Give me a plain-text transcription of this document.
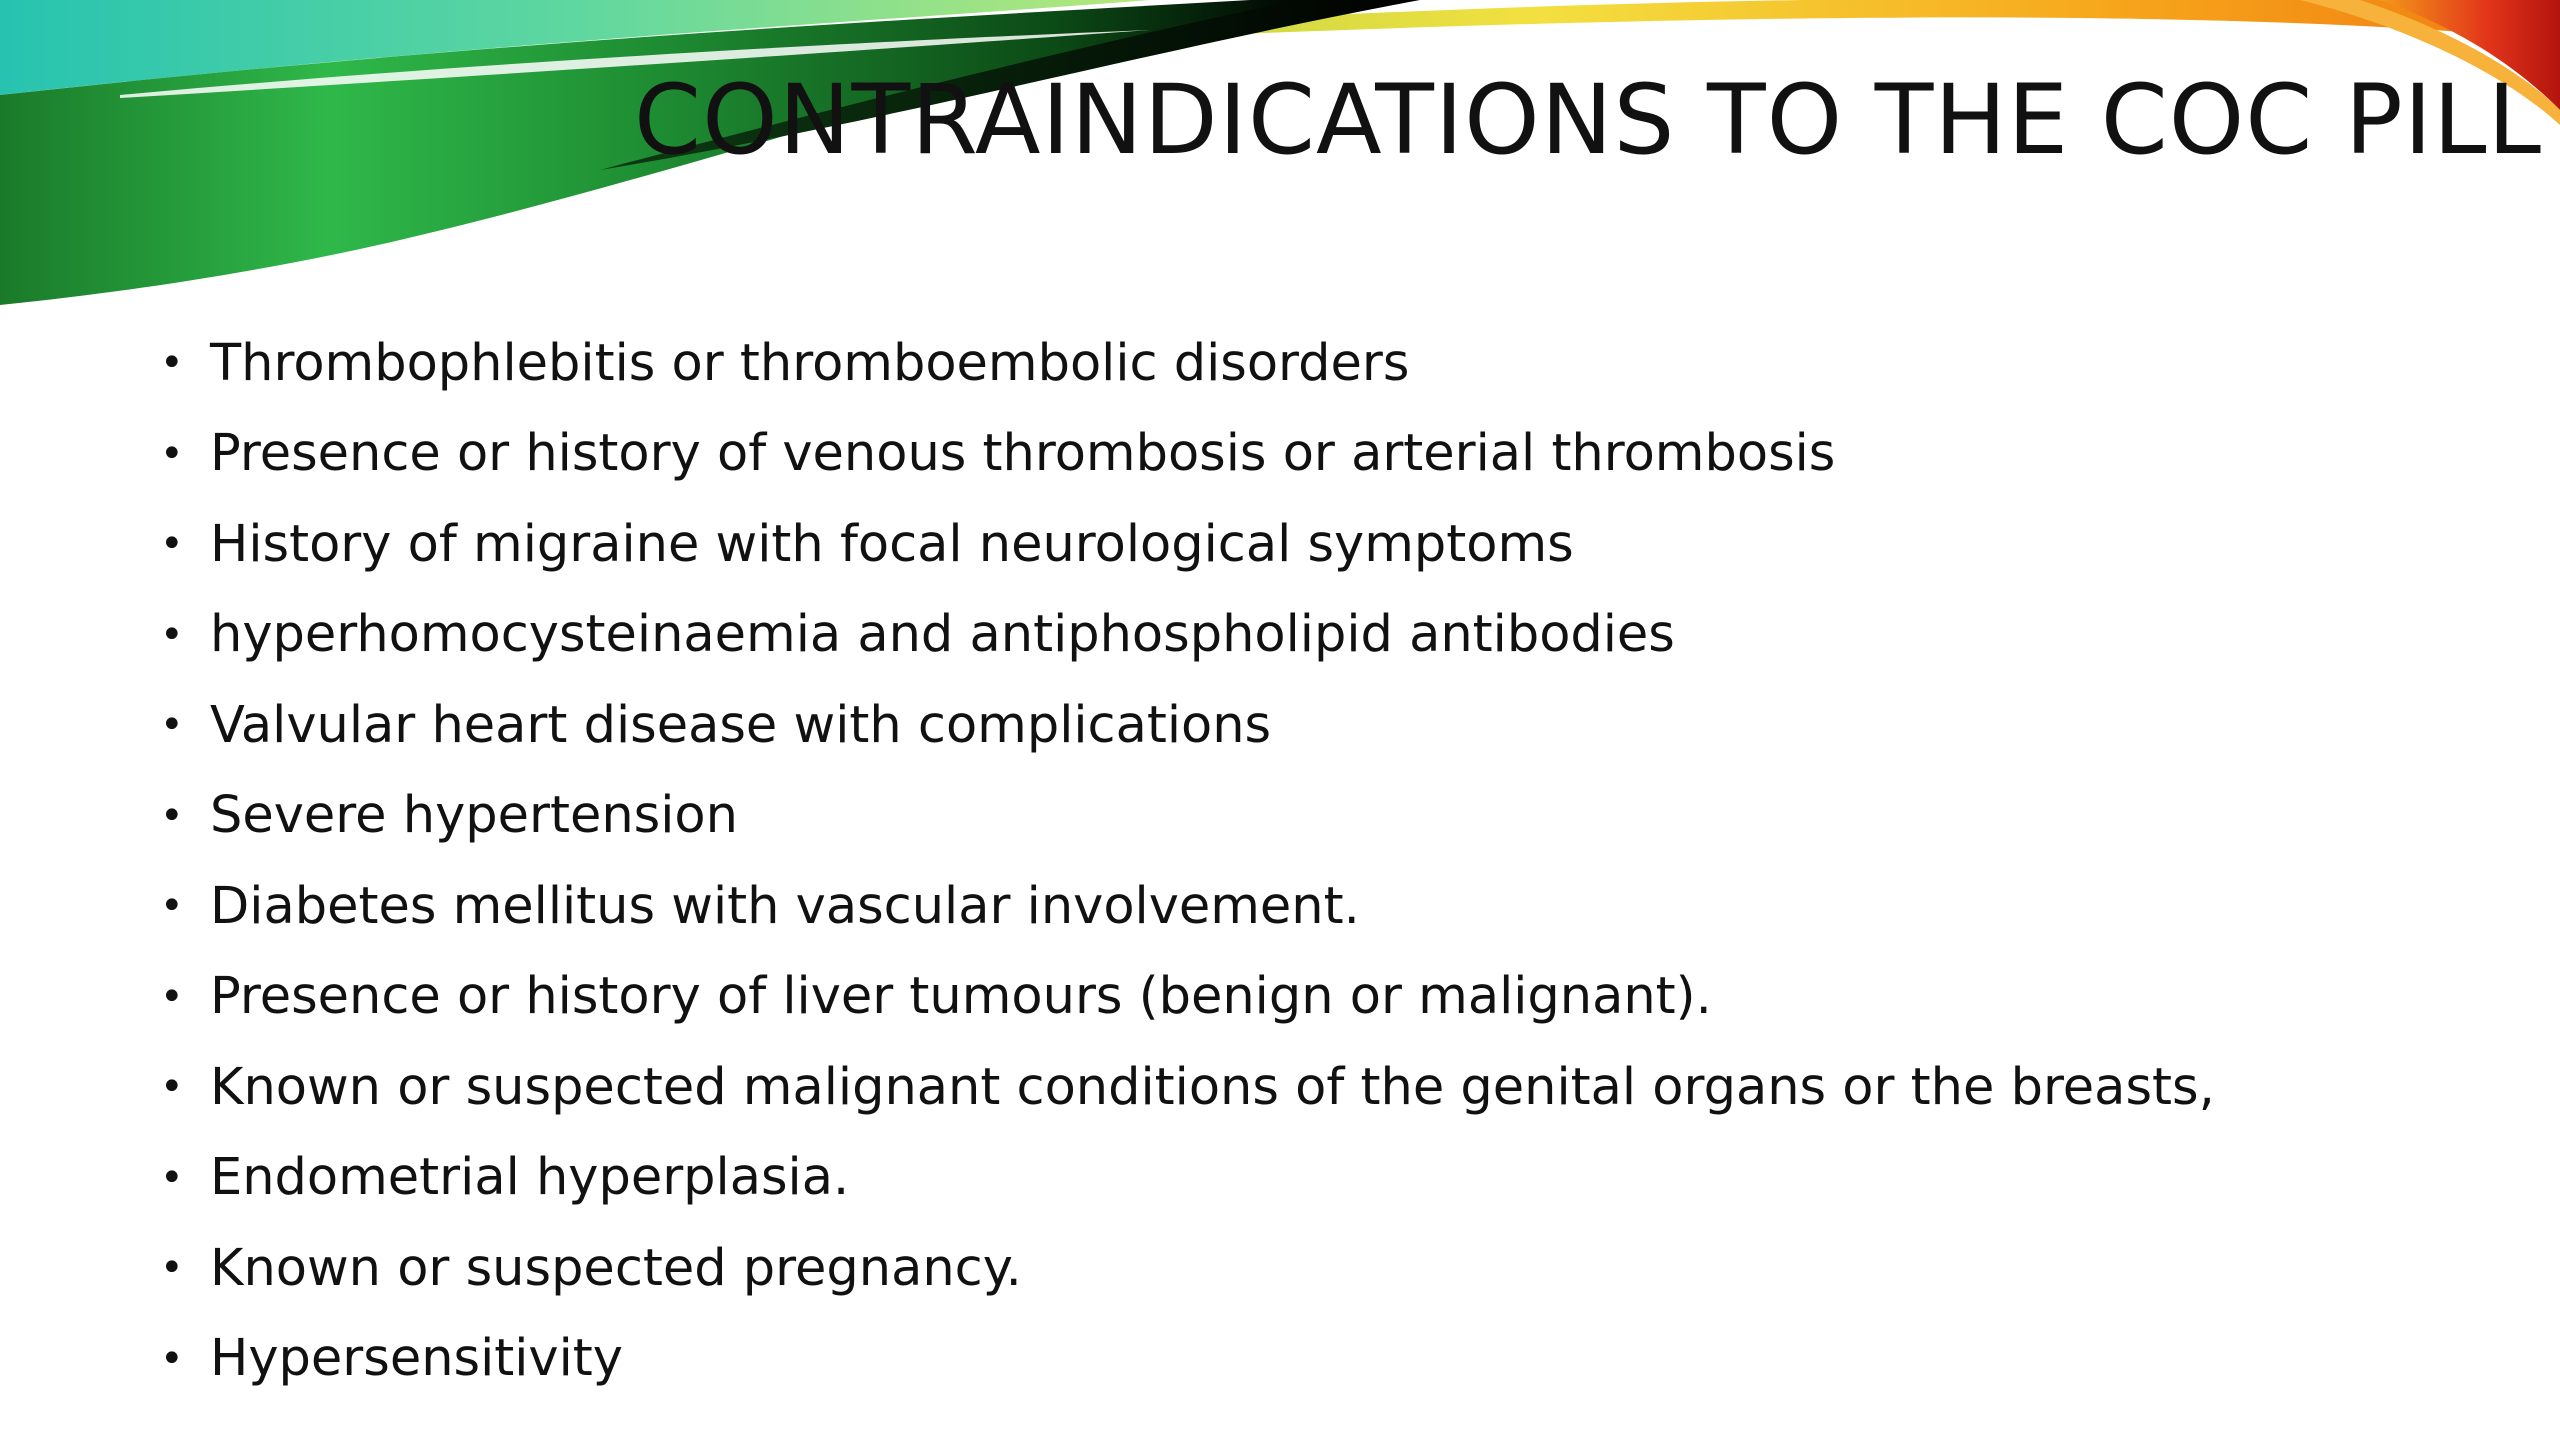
CONTRAINDICATIONS TO THE COC PILL
• Thrombophlebitis or thromboembolic disorders
• Presence or history of venous thrombosis or arterial thrombosis
• History of migraine with focal neurological symptoms
• hyperhomocysteinaemia and antiphospholipid antibodies
• Valvular heart disease with complications
• Severe hypertension
• Diabetes mellitus with vascular involvement.
• Presence or history of liver tumours (benign or malignant).
• Known or suspected malignant conditions of the genital organs or the breasts,
• Endometrial hyperplasia.
• Known or suspected pregnancy.
• Hypersensitivity
